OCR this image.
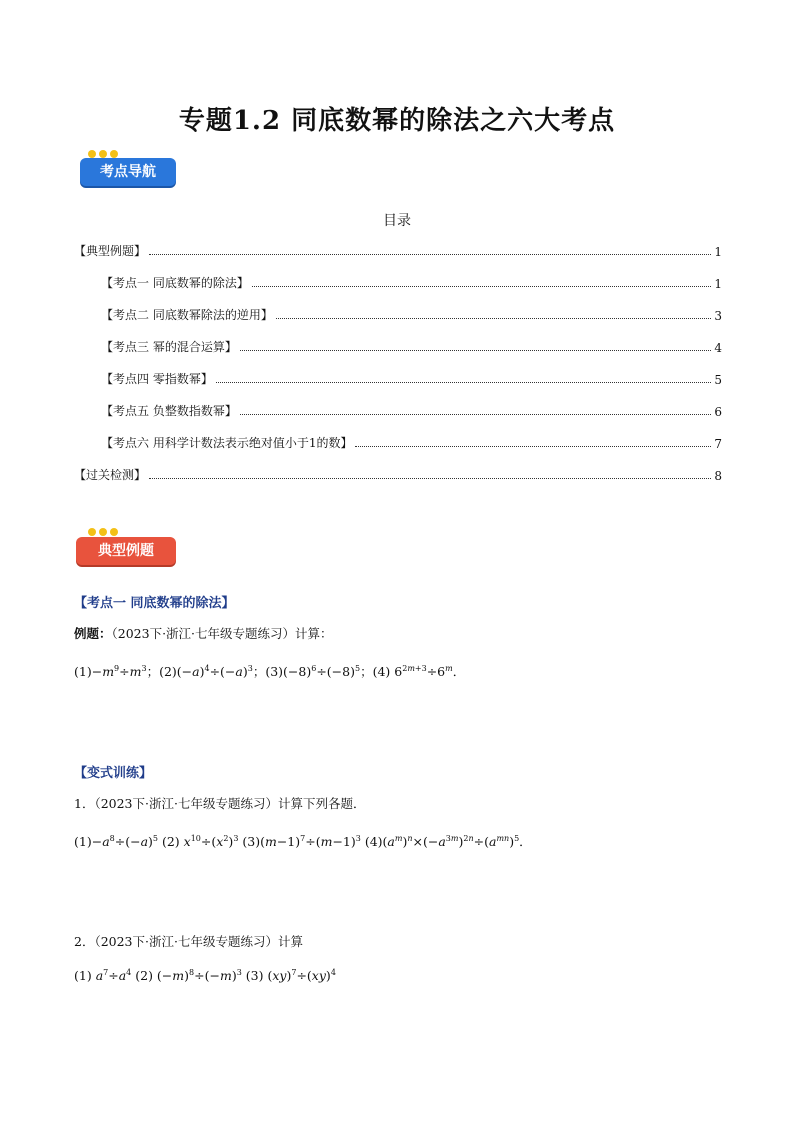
专题1.2 同底数幂的除法之六大考点
考点导航
目录
【典型例题】	1
【考点一 同底数幂的除法】	1
【考点二 同底数幂除法的逆用】	3
【考点三 幂的混合运算】	4
【考点四 零指数幂】	5
【考点五 负整数指数幂】	6
【考点六 用科学计数法表示绝对值小于1的数】	7
【过关检测】	8
典型例题
【考点一 同底数幂的除法】
例题：（2023下·浙江·七年级专题练习）计算：
$(1)-m^9\div m^3$；$(2)(-a)^4\div(-a)^3$；$(3)(-8)^6\div(-8)^5$；(4) $6^{2m+3}\div 6^m$．
【变式训练】
1．（2023下·浙江·七年级专题练习）计算下列各题．
$(1)-a^8\div(-a)^5$ (2) $x^{10}\div(x^2)^3$ $(3)(m-1)^7\div(m-1)^3$ $(4)(a^m)^n\times(-a^{3m})^{2n}\div(a^{mn})^5$．
2．（2023下·浙江·七年级专题练习）计算
(1) $a^7\div a^4$ (2) $(-m)^8\div(-m)^3$ (3) (xy)$^7$÷(xy)$^4$
